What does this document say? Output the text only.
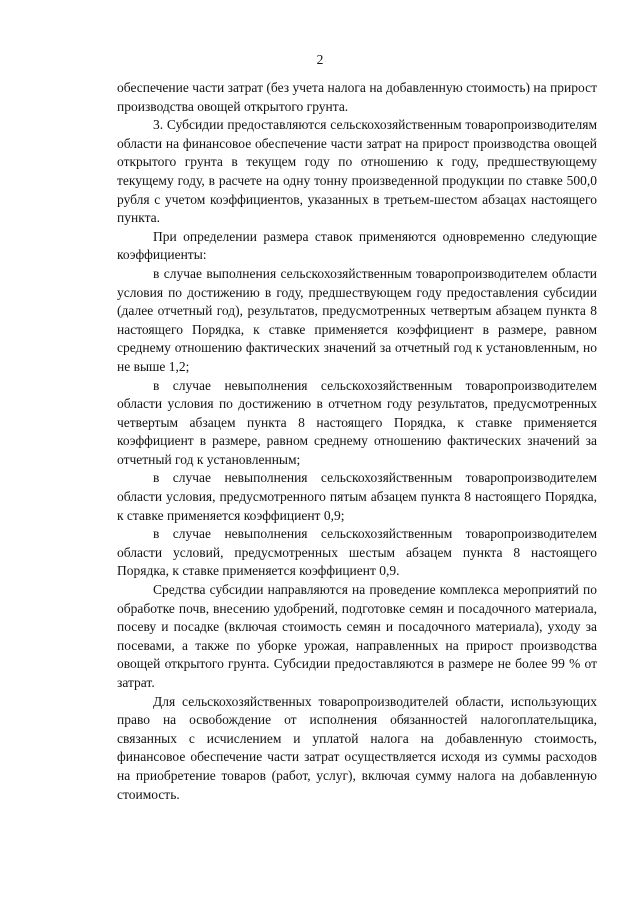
2

обеспечение части затрат (без учета налога на добавленную стоимость) на прирост производства овощей открытого грунта.

3. Субсидии предоставляются сельскохозяйственным товаропроизводителям области на финансовое обеспечение части затрат на прирост производства овощей открытого грунта в текущем году по отношению к году, предшествующему текущему году, в расчете на одну тонну произведенной продукции по ставке 500,0 рубля с учетом коэффициентов, указанных в третьем-шестом абзацах настоящего пункта.

При определении размера ставок применяются одновременно следующие коэффициенты:

в случае выполнения сельскохозяйственным товаропроизводителем области условия по достижению в году, предшествующем году предоставления субсидии (далее отчетный год), результатов, предусмотренных четвертым абзацем пункта 8 настоящего Порядка, к ставке применяется коэффициент в размере, равном среднему отношению фактических значений за отчетный год к установленным, но не выше 1,2;

в случае невыполнения сельскохозяйственным товаропроизводителем области условия по достижению в отчетном году результатов, предусмотренных четвертым абзацем пункта 8 настоящего Порядка, к ставке применяется коэффициент в размере, равном среднему отношению фактических значений за отчетный год к установленным;

в случае невыполнения сельскохозяйственным товаропроизводителем области условия, предусмотренного пятым абзацем пункта 8 настоящего Порядка, к ставке применяется коэффициент 0,9;

в случае невыполнения сельскохозяйственным товаропроизводителем области условий, предусмотренных шестым абзацем пункта 8 настоящего Порядка, к ставке применяется коэффициент 0,9.

Средства субсидии направляются на проведение комплекса мероприятий по обработке почв, внесению удобрений, подготовке семян и посадочного материала, посеву и посадке (включая стоимость семян и посадочного материала), уходу за посевами, а также по уборке урожая, направленных на прирост производства овощей открытого грунта. Субсидии предоставляются в размере не более 99 % от затрат.

Для сельскохозяйственных товаропроизводителей области, использующих право на освобождение от исполнения обязанностей налогоплательщика, связанных с исчислением и уплатой налога на добавленную стоимость, финансовое обеспечение части затрат осуществляется исходя из суммы расходов на приобретение товаров (работ, услуг), включая сумму налога на добавленную стоимость.
